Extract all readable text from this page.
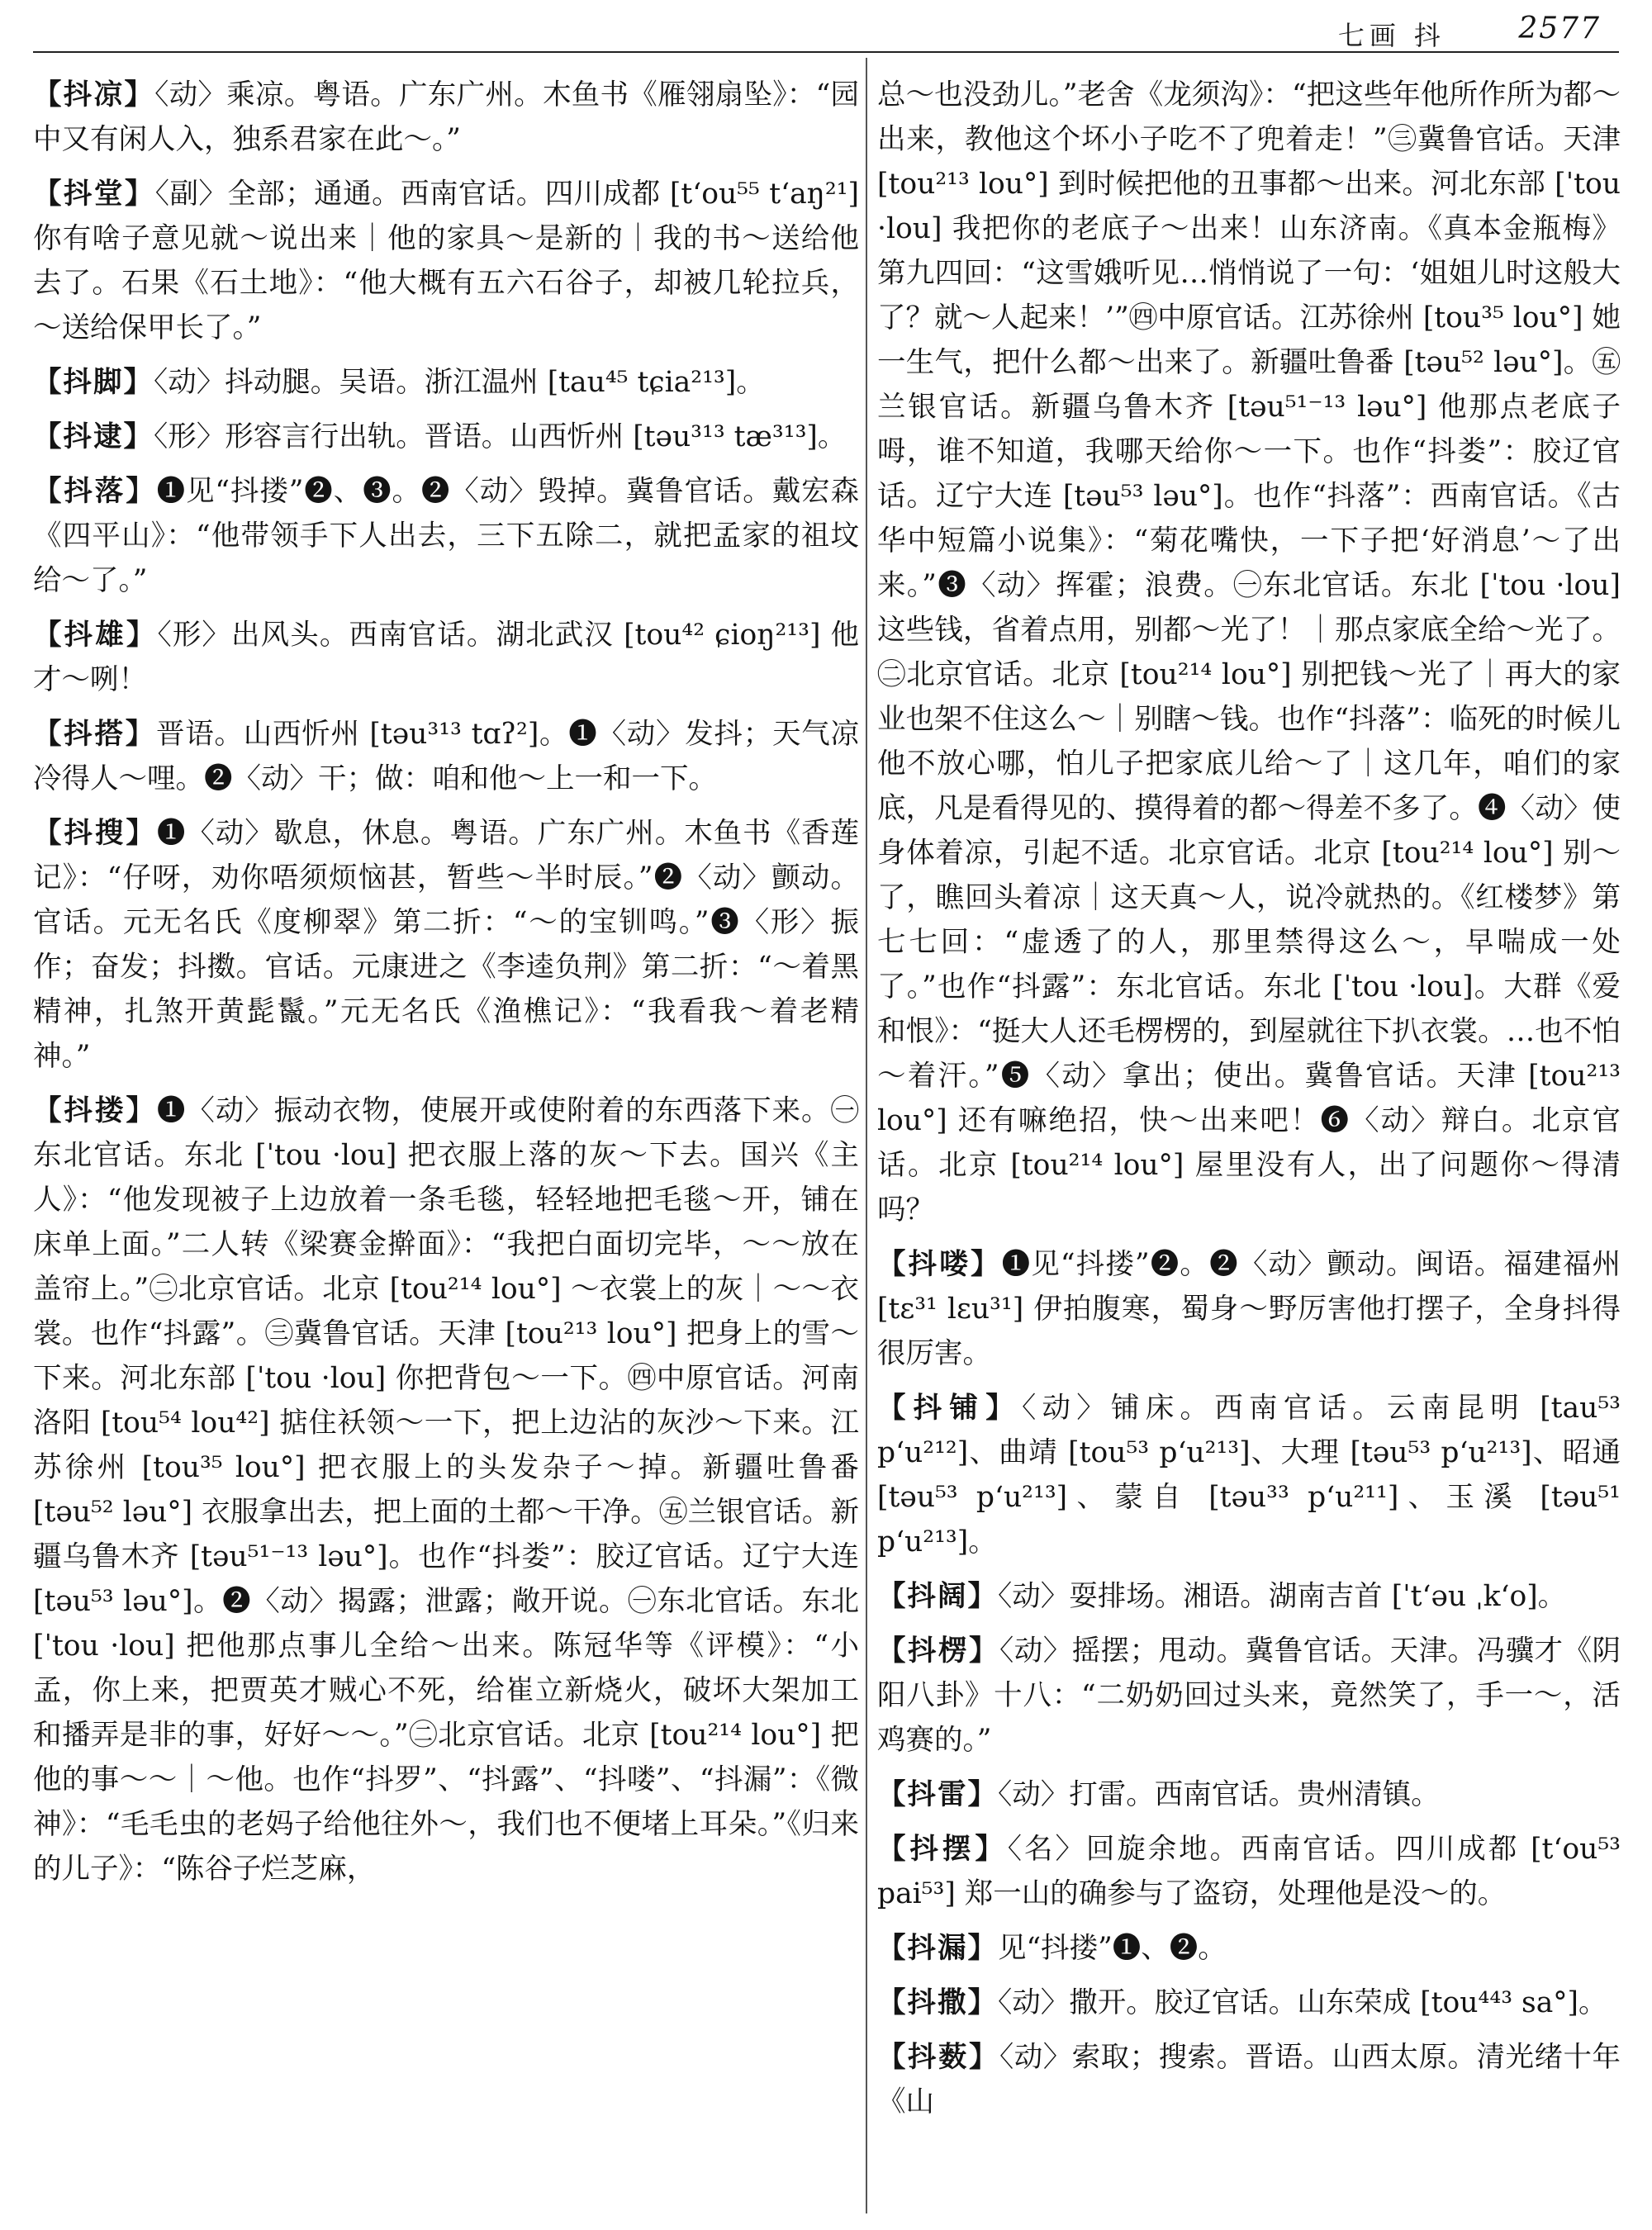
七画 抖 2577
【抖凉】〈动〉乘凉。粤语。广东广州。木鱼书《雁翎扇坠》：“园中又有闲人入，独系君家在此～。”
【抖堂】〈副〉全部；通通。西南官话。四川成都 [tʻou⁵⁵ tʻaŋ²¹] 你有啥子意见就～说出来｜他的家具～是新的｜我的书～送给他去了。石果《石土地》：“他大概有五六石谷子，却被几轮拉兵，～送给保甲长了。”
【抖脚】〈动〉抖动腿。吴语。浙江温州 [tau⁴⁵ tɕia²¹³]。
【抖逮】〈形〉形容言行出轨。晋语。山西忻州 [təu³¹³ tæ³¹³]。
【抖落】❶见“抖搂”❷、❸。❷〈动〉毁掉。冀鲁官话。戴宏森《四平山》：“他带领手下人出去，三下五除二，就把孟家的祖坟给～了。”
【抖雄】〈形〉出风头。西南官话。湖北武汉 [tou⁴² ɕioŋ²¹³] 他才～咧！
【抖搭】晋语。山西忻州 [təu³¹³ tɑʔ²]。❶〈动〉发抖；天气凉冷得人～哩。❷〈动〉干；做：咱和他～上一和一下。
【抖搜】❶〈动〉歇息，休息。粤语。广东广州。木鱼书《香莲记》：“仔呀，劝你唔须烦恼甚，暂些～半时辰。”❷〈动〉颤动。官话。元无名氏《度柳翠》第二折：“～的宝钏鸣。”❸〈形〉振作；奋发；抖擞。官话。元康进之《李逵负荆》第二折：“～着黑精神，扎煞开黄髭鬣。”元无名氏《渔樵记》：“我看我～着老精神。”
【抖搂】❶〈动〉振动衣物，使展开或使附着的东西落下来。㊀东北官话。东北 [ˈtou ·lou] 把衣服上落的灰～下去。国兴《主人》：“他发现被子上边放着一条毛毯，轻轻地把毛毯～开，铺在床单上面。”二人转《梁赛金擀面》：“我把白面切完毕，～～放在盖帘上。”㊁北京官话。北京 [tou²¹⁴ lou°] ～衣裳上的灰｜～～衣裳。也作“抖露”。㊂冀鲁官话。天津 [tou²¹³ lou°] 把身上的雪～下来。河北东部 [ˈtou ·lou] 你把背包～一下。㊃中原官话。河南洛阳 [tou⁵⁴ lou⁴²] 掂住袄领～一下，把上边沾的灰沙～下来。江苏徐州 [tou³⁵ lou°] 把衣服上的头发杂子～掉。新疆吐鲁番 [təu⁵² ləu°] 衣服拿出去，把上面的土都～干净。㊄兰银官话。新疆乌鲁木齐 [təu⁵¹⁻¹³ ləu°]。也作“抖娄”：胶辽官话。辽宁大连 [təu⁵³ ləu°]。❷〈动〉揭露；泄露；敞开说。㊀东北官话。东北 [ˈtou ·lou] 把他那点事儿全给～出来。陈冠华等《评模》：“小孟，你上来，把贾英才贼心不死，给崔立新烧火，破坏大架加工和播弄是非的事，好好～～。”㊁北京官话。北京 [tou²¹⁴ lou°] 把他的事～～｜～他。也作“抖罗”、“抖露”、“抖喽”、“抖漏”：《微神》：“毛毛虫的老妈子给他往外～，我们也不便堵上耳朵。”《归来的儿子》：“陈谷子烂芝麻，
总～也没劲儿。”老舍《龙须沟》：“把这些年他所作所为都～出来，教他这个坏小子吃不了兜着走！”㊂冀鲁官话。天津 [tou²¹³ lou°] 到时候把他的丑事都～出来。河北东部 [ˈtou ·lou] 我把你的老底子～出来！山东济南。《真本金瓶梅》第九四回：“这雪娥听见…悄悄说了一句：‘姐姐儿时这般大了？就～人起来！’”㊃中原官话。江苏徐州 [tou³⁵ lou°] 她一生气，把什么都～出来了。新疆吐鲁番 [təu⁵² ləu°]。㊄兰银官话。新疆乌鲁木齐 [təu⁵¹⁻¹³ ləu°] 他那点老底子呣，谁不知道，我哪天给你～一下。也作“抖娄”：胶辽官话。辽宁大连 [təu⁵³ ləu°]。也作“抖落”：西南官话。《古华中短篇小说集》：“菊花嘴快，一下子把‘好消息’～了出来。”❸〈动〉挥霍；浪费。㊀东北官话。东北 [ˈtou ·lou] 这些钱，省着点用，别都～光了！｜那点家底全给～光了。㊁北京官话。北京 [tou²¹⁴ lou°] 别把钱～光了｜再大的家业也架不住这么～｜别瞎～钱。也作“抖落”：临死的时候儿他不放心哪，怕儿子把家底儿给～了｜这几年，咱们的家底，凡是看得见的、摸得着的都～得差不多了。❹〈动〉使身体着凉，引起不适。北京官话。北京 [tou²¹⁴ lou°] 别～了，瞧回头着凉｜这天真～人，说冷就热的。《红楼梦》第七七回：“虚透了的人，那里禁得这么～，早喘成一处了。”也作“抖露”：东北官话。东北 [ˈtou ·lou]。大群《爱和恨》：“挺大人还毛楞楞的，到屋就往下扒衣裳。…也不怕～着汗。”❺〈动〉拿出；使出。冀鲁官话。天津 [tou²¹³ lou°] 还有嘛绝招，快～出来吧！❻〈动〉辩白。北京官话。北京 [tou²¹⁴ lou°] 屋里没有人，出了问题你～得清吗？
【抖喽】❶见“抖搂”❷。❷〈动〉颤动。闽语。福建福州 [tɛ³¹ lɛu³¹] 伊拍腹寒，蜀身～野厉害他打摆子，全身抖得很厉害。
【抖铺】〈动〉铺床。西南官话。云南昆明 [tau⁵³ pʻu²¹²]、曲靖 [tou⁵³ pʻu²¹³]、大理 [təu⁵³ pʻu²¹³]、昭通 [təu⁵³ pʻu²¹³]、蒙自 [təu³³ pʻu²¹¹]、玉溪 [təu⁵¹ pʻu²¹³]。
【抖阔】〈动〉耍排场。湘语。湖南吉首 [ˈtʻəu ˌkʻo]。
【抖楞】〈动〉摇摆；甩动。冀鲁官话。天津。冯骥才《阴阳八卦》十八：“二奶奶回过头来，竟然笑了，手一～，活鸡赛的。”
【抖雷】〈动〉打雷。西南官话。贵州清镇。
【抖摆】〈名〉回旋余地。西南官话。四川成都 [tʻou⁵³ pai⁵³] 郑一山的确参与了盗窃，处理他是没～的。
【抖漏】见“抖搂”❶、❷。
【抖撒】〈动〉撒开。胶辽官话。山东荣成 [tou⁴⁴³ sa°]。
【抖薮】〈动〉索取；搜索。晋语。山西太原。清光绪十年《山
